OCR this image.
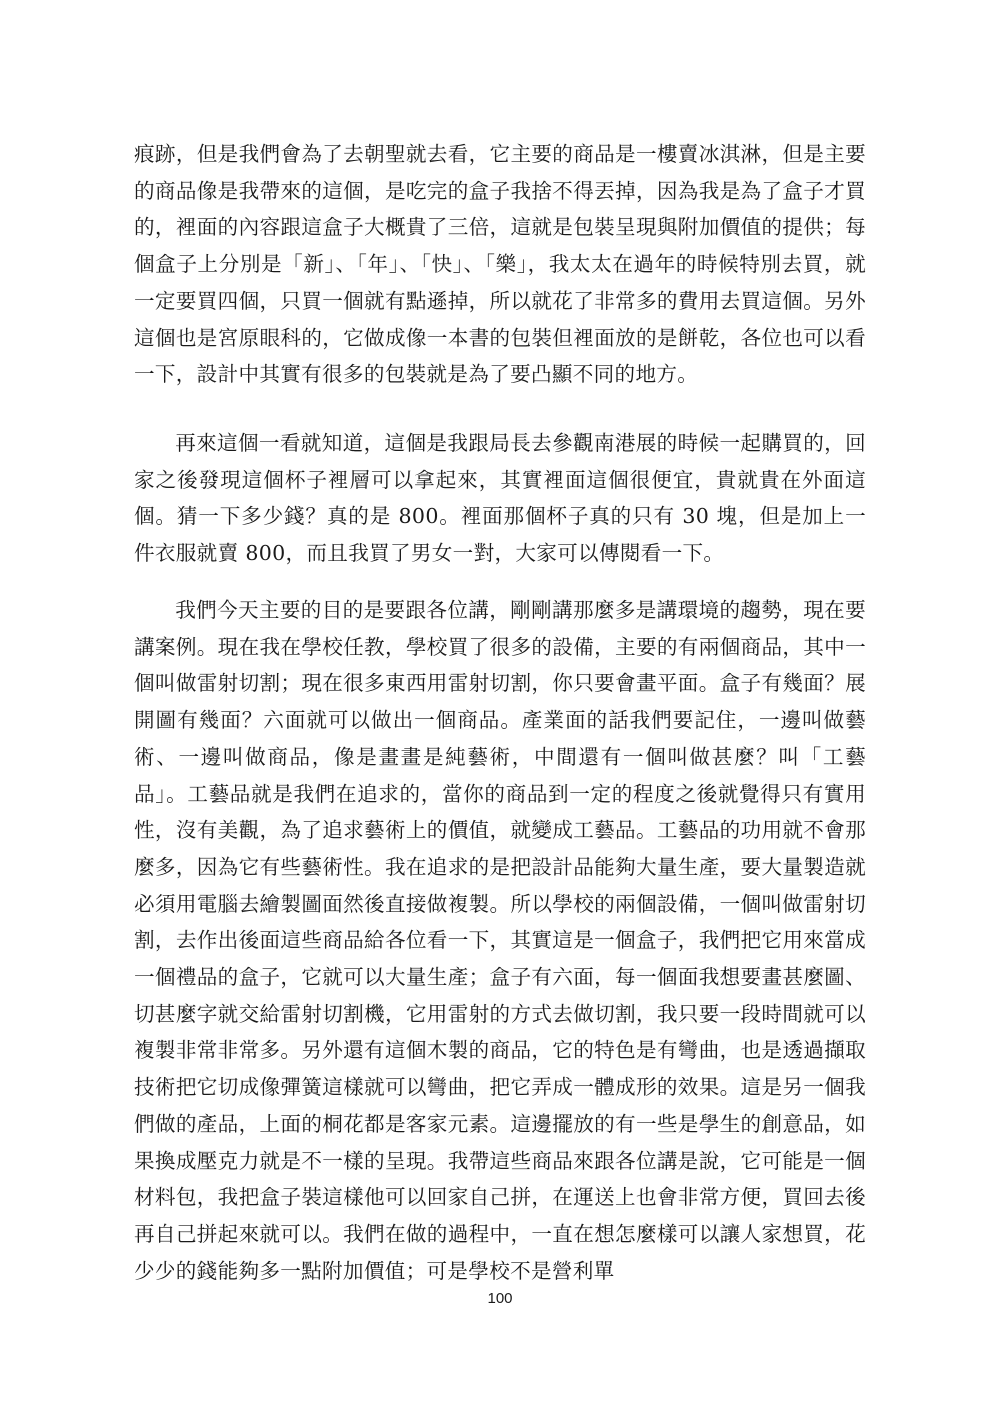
痕跡，但是我們會為了去朝聖就去看，它主要的商品是一樓賣冰淇淋，但是主要的商品像是我帶來的這個，是吃完的盒子我捨不得丟掉，因為我是為了盒子才買的，裡面的內容跟這盒子大概貴了三倍，這就是包裝呈現與附加價值的提供；每個盒子上分別是「新」、「年」、「快」、「樂」，我太太在過年的時候特別去買，就一定要買四個，只買一個就有點遜掉，所以就花了非常多的費用去買這個。另外這個也是宮原眼科的，它做成像一本書的包裝但裡面放的是餅乾，各位也可以看一下，設計中其實有很多的包裝就是為了要凸顯不同的地方。

再來這個一看就知道，這個是我跟局長去參觀南港展的時候一起購買的，回家之後發現這個杯子裡層可以拿起來，其實裡面這個很便宜，貴就貴在外面這個。猜一下多少錢？真的是 800。裡面那個杯子真的只有 30 塊，但是加上一件衣服就賣 800，而且我買了男女一對，大家可以傳閱看一下。

我們今天主要的目的是要跟各位講，剛剛講那麼多是講環境的趨勢，現在要講案例。現在我在學校任教，學校買了很多的設備，主要的有兩個商品，其中一個叫做雷射切割；現在很多東西用雷射切割，你只要會畫平面。盒子有幾面？展開圖有幾面？六面就可以做出一個商品。產業面的話我們要記住，一邊叫做藝術、一邊叫做商品，像是畫畫是純藝術，中間還有一個叫做甚麼？叫「工藝品」。工藝品就是我們在追求的，當你的商品到一定的程度之後就覺得只有實用性，沒有美觀，為了追求藝術上的價值，就變成工藝品。工藝品的功用就不會那麼多，因為它有些藝術性。我在追求的是把設計品能夠大量生產，要大量製造就必須用電腦去繪製圖面然後直接做複製。所以學校的兩個設備，一個叫做雷射切割，去作出後面這些商品給各位看一下，其實這是一個盒子，我們把它用來當成一個禮品的盒子，它就可以大量生產；盒子有六面，每一個面我想要畫甚麼圖、切甚麼字就交給雷射切割機，它用雷射的方式去做切割，我只要一段時間就可以複製非常非常多。另外還有這個木製的商品，它的特色是有彎曲，也是透過擷取技術把它切成像彈簧這樣就可以彎曲，把它弄成一體成形的效果。這是另一個我們做的產品，上面的桐花都是客家元素。這邊擺放的有一些是學生的創意品，如果換成壓克力就是不一樣的呈現。我帶這些商品來跟各位講是說，它可能是一個材料包，我把盒子裝這樣他可以回家自己拼，在運送上也會非常方便，買回去後再自己拼起來就可以。我們在做的過程中，一直在想怎麼樣可以讓人家想買，花少少的錢能夠多一點附加價值；可是學校不是營利單

100
